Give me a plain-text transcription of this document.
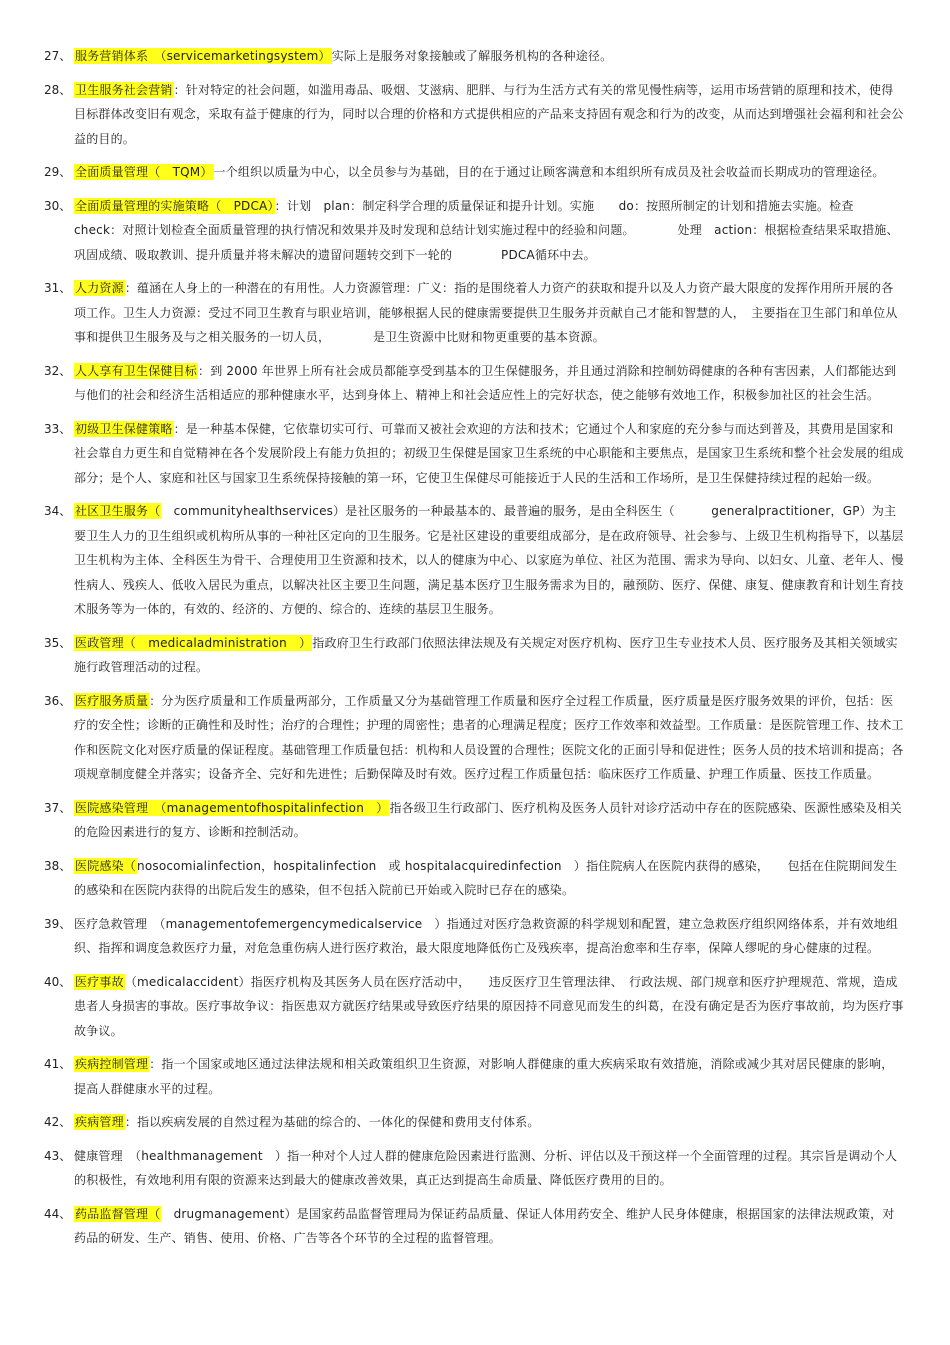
27、 服务营销体系　（servicemarketingsystem）实际上是服务对象接触或了解服务机构的各种途径。
28、 卫生服务社会营销：针对特定的社会问题，如滥用毒品、吸烟、艾滋病、肥胖、与行为生活方式有关的常见慢性病等，运用市场营销的原理和技术，使得目标群体改变旧有观念，采取有益于健康的行为，同时以合理的价格和方式提供相应的产品来支持固有观念和行为的改变，从而达到增强社会福利和社会公益的目的。
29、 全面质量管理（　TQM）一个组织以质量为中心，以全员参与为基础，目的在于通过让顾客满意和本组织所有成员及社会收益而长期成功的管理途径。
30、 全面质量管理的实施策略（　PDCA）：计划　plan：制定科学合理的质量保证和提升计划。实施　　do：按照所制定的计划和措施去实施。检查　check：对照计划检查全面质量管理的执行情况和效果并及时发现和总结计划实施过程中的经验和问题。　　　　处理　action：根据检查结果采取措施、巩固成绩、吸取教训、提升质量并将未解决的遗留问题转交到下一轮的　　　　PDCA循环中去。
31、 人力资源：蕴涵在人身上的一种潜在的有用性。人力资源管理：广义：指的是围绕着人力资产的获取和提升以及人力资产最大限度的发挥作用所开展的各项工作。卫生人力资源：受过不同卫生教育与职业培训，能够根据人民的健康需要提供卫生服务并贡献自己才能和智慧的人，　主要指在卫生部门和单位从事和提供卫生服务及与之相关服务的一切人员，　　　　是卫生资源中比财和物更重要的基本资源。
32、 人人享有卫生保健目标：到 2000 年世界上所有社会成员都能享受到基本的卫生保健服务，并且通过消除和控制妨碍健康的各种有害因素，人们都能达到与他们的社会和经济生活相适应的那种健康水平，达到身体上、精神上和社会适应性上的完好状态，使之能够有效地工作，积极参加社区的社会生活。
33、 初级卫生保健策略：是一种基本保健，它依靠切实可行、可靠而又被社会欢迎的方法和技术；它通过个人和家庭的充分参与而达到普及，其费用是国家和社会靠自力更生和自觉精神在各个发展阶段上有能力负担的；初级卫生保健是国家卫生系统的中心职能和主要焦点，是国家卫生系统和整个社会发展的组成部分；是个人、家庭和社区与国家卫生系统保持接触的第一环，它使卫生保健尽可能接近于人民的生活和工作场所，是卫生保健持续过程的起始一级。
34、 社区卫生服务（　communityhealthservices）是社区服务的一种最基本的、最普遍的服务，是由全科医生（　　　generalpractitioner，GP）为主要卫生人力的卫生组织或机构所从事的一种社区定向的卫生服务。它是社区建设的重要组成部分，是在政府领导、社会参与、上级卫生机构指导下，以基层卫生机构为主体、全科医生为骨干、合理使用卫生资源和技术，以人的健康为中心、以家庭为单位、社区为范围、需求为导向、以妇女、儿童、老年人、慢性病人、残疾人、低收入居民为重点，以解决社区主要卫生问题，满足基本医疗卫生服务需求为目的，融预防、医疗、保健、康复、健康教育和计划生育技术服务等为一体的，有效的、经济的、方便的、综合的、连续的基层卫生服务。
35、 医政管理（　medicaladministration　）指政府卫生行政部门依照法律法规及有关规定对医疗机构、医疗卫生专业技术人员、医疗服务及其相关领域实施行政管理活动的过程。
36、 医疗服务质量：分为医疗质量和工作质量两部分，工作质量又分为基础管理工作质量和医疗全过程工作质量，医疗质量是医疗服务效果的评价，包括：医疗的安全性；诊断的正确性和及时性；治疗的合理性；护理的周密性；患者的心理满足程度；医疗工作效率和效益型。工作质量：是医院管理工作、技术工作和医院文化对医疗质量的保证程度。基础管理工作质量包括：机构和人员设置的合理性；医院文化的正面引导和促进性；医务人员的技术培训和提高；各项规章制度健全并落实；设备齐全、完好和先进性；后勤保障及时有效。医疗过程工作质量包括：临床医疗工作质量、护理工作质量、医技工作质量。
37、 医院感染管理　（managementofhospitalinfection　）指各级卫生行政部门、医疗机构及医务人员针对诊疗活动中存在的医院感染、医源性感染及相关的危险因素进行的复方、诊断和控制活动。
38、 医院感染（nosocomialinfection，hospitalinfection　或 hospitalacquiredinfection　）指住院病人在医院内获得的感染，　　包括在住院期间发生的感染和在医院内获得的出院后发生的感染，但不包括入院前已开始或入院时已存在的感染。
39、 医疗急救管理　（managementofemergencymedicalservice　）指通过对医疗急救资源的科学规划和配置，建立急救医疗组织网络体系，并有效地组织、指挥和调度急救医疗力量，对危急重伤病人进行医疗救治，最大限度地降低伤亡及残疾率，提高治愈率和生存率，保障人缪呢的身心健康的过程。
40、 医疗事故（medicalaccident）指医疗机构及其医务人员在医疗活动中，　　违反医疗卫生管理法律、　行政法规、部门规章和医疗护理规范、常规，造成患者人身损害的事故。医疗事故争议：指医患双方就医疗结果或导致医疗结果的原因持不同意见而发生的纠葛，在没有确定是否为医疗事故前，均为医疗事故争议。
41、 疾病控制管理：指一个国家或地区通过法律法规和相关政策组织卫生资源，对影响人群健康的重大疾病采取有效措施，消除或减少其对居民健康的影响，提高人群健康水平的过程。
42、 疾病管理：指以疾病发展的自然过程为基础的综合的、一体化的保健和费用支付体系。
43、 健康管理　（healthmanagement　）指一种对个人过人群的健康危险因素进行监测、分析、评估以及干预这样一个全面管理的过程。其宗旨是调动个人的积极性，有效地利用有限的资源来达到最大的健康改善效果，真正达到提高生命质量、降低医疗费用的目的。
44、 药品监督管理（　drugmanagement）是国家药品监督管理局为保证药品质量、保证人体用药安全、维护人民身体健康，根据国家的法律法规政策，对药品的研发、生产、销售、使用、价格、广告等各个环节的全过程的监督管理。
